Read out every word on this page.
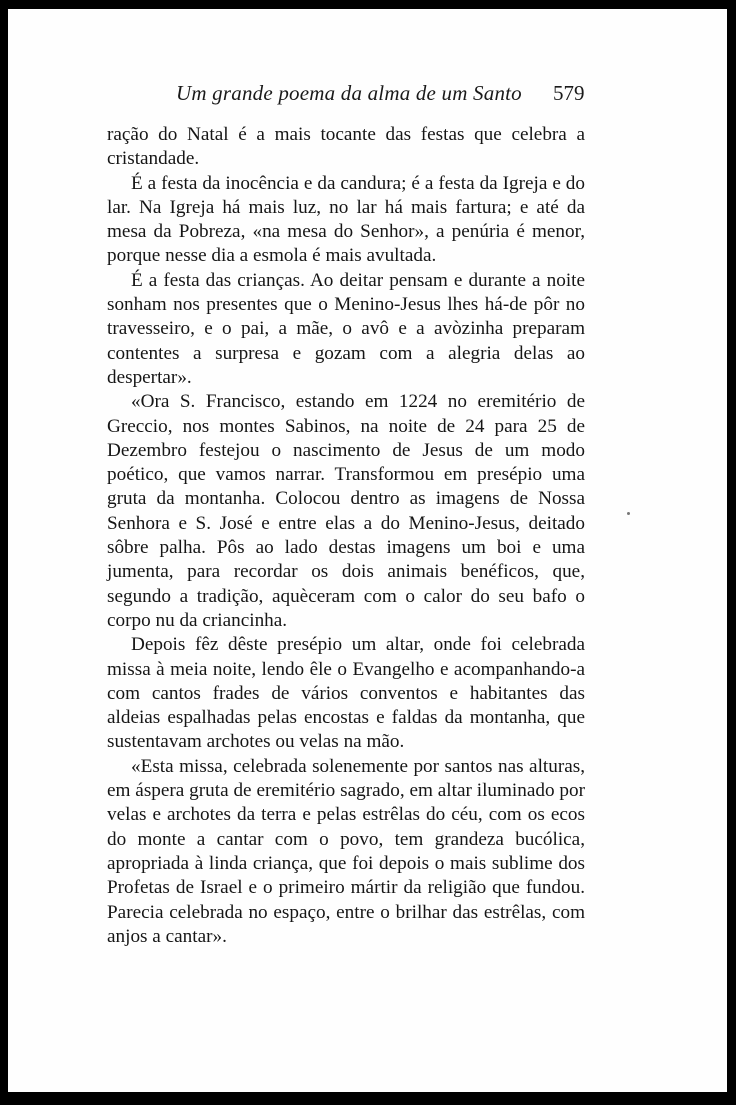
Um grande poema da alma de um Santo 579

ração do Natal é a mais tocante das festas que celebra a cristandade.

É a festa da inocência e da candura; é a festa da Igreja e do lar. Na Igreja há mais luz, no lar há mais fartura; e até da mesa da Pobreza, «na mesa do Senhor», a penúria é menor, porque nesse dia a esmola é mais avultada.

É a festa das crianças. Ao deitar pensam e durante a noite sonham nos presentes que o Menino-Jesus lhes há-de pôr no travesseiro, e o pai, a mãe, o avô e a avòzinha preparam contentes a surpresa e gozam com a alegria delas ao despertar».

«Ora S. Francisco, estando em 1224 no eremitério de Greccio, nos montes Sabinos, na noite de 24 para 25 de Dezembro festejou o nascimento de Jesus de um modo poético, que vamos narrar. Transformou em presépio uma gruta da montanha. Colocou dentro as imagens de Nossa Senhora e S. José e entre elas a do Menino-Jesus, deitado sôbre palha. Pôs ao lado destas imagens um boi e uma jumenta, para recordar os dois animais benéficos, que, segundo a tradição, aquèceram com o calor do seu bafo o corpo nu da criancinha.

Depois fêz dêste presépio um altar, onde foi celebrada missa à meia noite, lendo êle o Evangelho e acompanhando-a com cantos frades de vários conventos e habitantes das aldeias espalhadas pelas encostas e faldas da montanha, que sustentavam archotes ou velas na mão.

«Esta missa, celebrada solenemente por santos nas alturas, em áspera gruta de eremitério sagrado, em altar iluminado por velas e archotes da terra e pelas estrêlas do céu, com os ecos do monte a cantar com o povo, tem grandeza bucólica, apropriada à linda criança, que foi depois o mais sublime dos Profetas de Israel e o primeiro mártir da religião que fundou. Parecia celebrada no espaço, entre o brilhar das estrêlas, com anjos a cantar».
